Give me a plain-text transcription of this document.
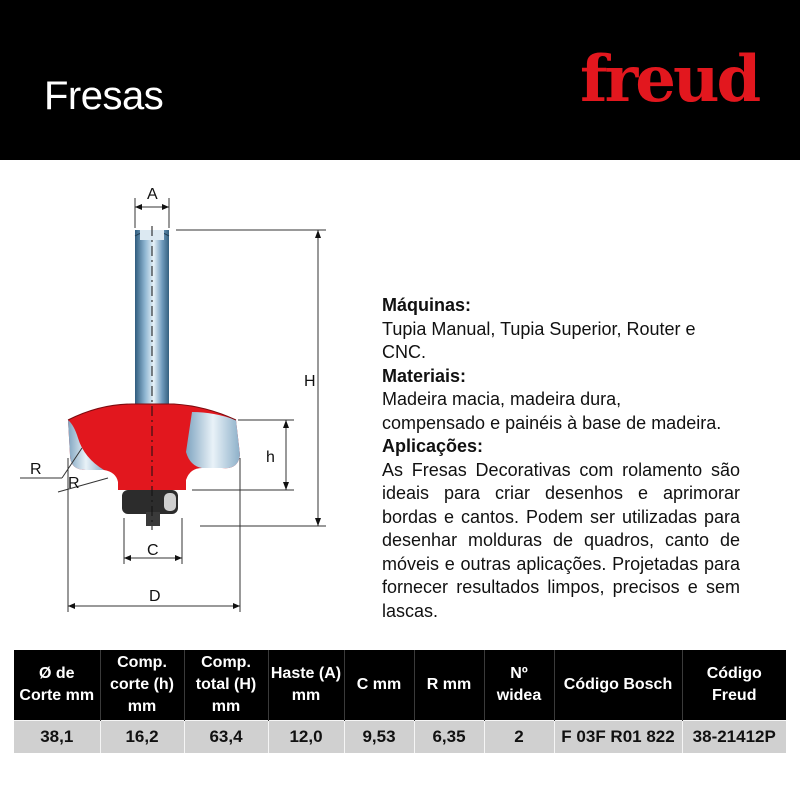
Fresas	freud
A
H
h
R
R
C
D
Máquinas:
Tupia Manual, Tupia Superior, Router e CNC.
Materiais:
Madeira macia, madeira dura, compensado e painéis à base de madeira.
Aplicações:
As Fresas Decorativas com rolamento são ideais para criar desenhos e aprimorar bordas e cantos. Podem ser utilizadas para desenhar molduras de quadros, canto de móveis e outras aplicações. Projetadas para fornecer resultados limpos, precisos e sem lascas.
Ø de Corte mm	Comp. corte (h) mm	Comp. total (H) mm	Haste (A) mm	C mm	R mm	Nº widea	Código Bosch	Código Freud
38,1	16,2	63,4	12,0	9,53	6,35	2	F 03F R01 822	38-21412P
